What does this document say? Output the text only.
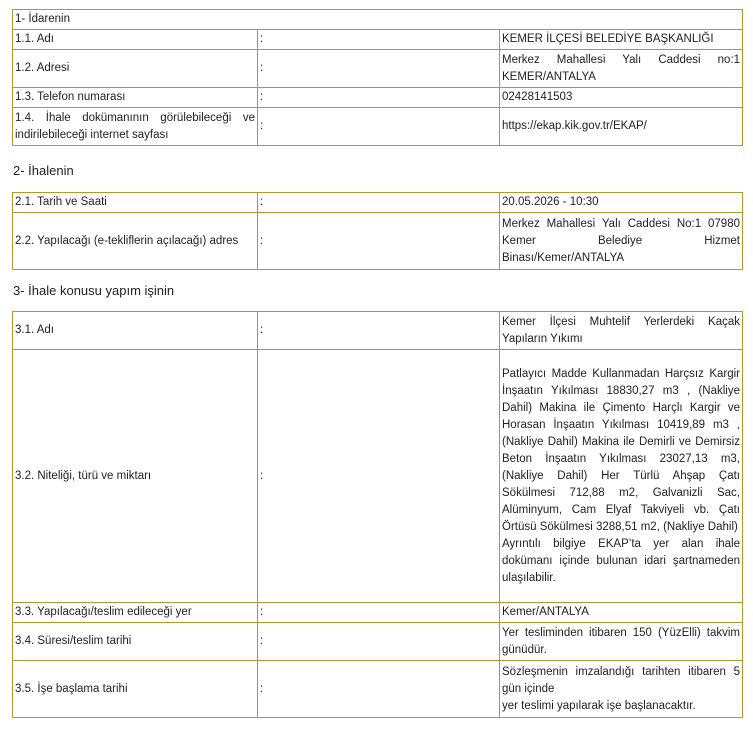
1- İdarenin		
1.1. Adı	:	KEMER İLÇESİ BELEDİYE BAŞKANLIĞI
1.2. Adresi	:	Merkez Mahallesi Yalı Caddesi no:1 KEMER/ANTALYA
1.3. Telefon numarası	:	02428141503
1.4. İhale dokümanının görülebileceği ve indirilebileceği internet sayfası	:	https://ekap.kik.gov.tr/EKAP/
2- İhalenin
2.1. Tarih ve Saati	:	20.05.2026 - 10:30
2.2. Yapılacağı (e-tekliflerin açılacağı) adres	:	Merkez Mahallesi Yalı Caddesi No:1 07980 Kemer Belediye Hizmet Binası/Kemer/ANTALYA
3- İhale konusu yapım işinin
3.1. Adı	:	Kemer İlçesi Muhtelif Yerlerdeki Kaçak Yapıların Yıkımı
3.2. Niteliği, türü ve miktarı	:	Patlayıcı Madde Kullanmadan Harçsız Kargir İnşaatın Yıkılması 18830,27 m3 , (Nakliye Dahil) Makina ile Çimento Harçlı Kargir ve Horasan İnşaatın Yıkılması 10419,89 m3 , (Nakliye Dahil) Makina ile Demirli ve Demirsiz Beton İnşaatın Yıkılması 23027,13 m3, (Nakliye Dahil) Her Türlü Ahşap Çatı Sökülmesi 712,88 m2, Galvanizli Sac, Alüminyum, Cam Elyaf Takviyeli vb. Çatı Örtüsü Sökülmesi 3288,51 m2, (Nakliye Dahil)
Ayrıntılı bilgiye EKAP’ta yer alan ihale dokümanı içinde bulunan idari şartnameden ulaşılabilir.

3.3. Yapılacağı/teslim edileceği yer	:	Kemer/ANTALYA
3.4. Süresi/teslim tarihi	:	Yer tesliminden itibaren 150 (YüzElli) takvim günüdür.
3.5. İşe başlama tarihi	:	Sözleşmenin imzalandığı tarihten itibaren 5 gün içinde
yer teslimi yapılarak işe başlanacaktır.
